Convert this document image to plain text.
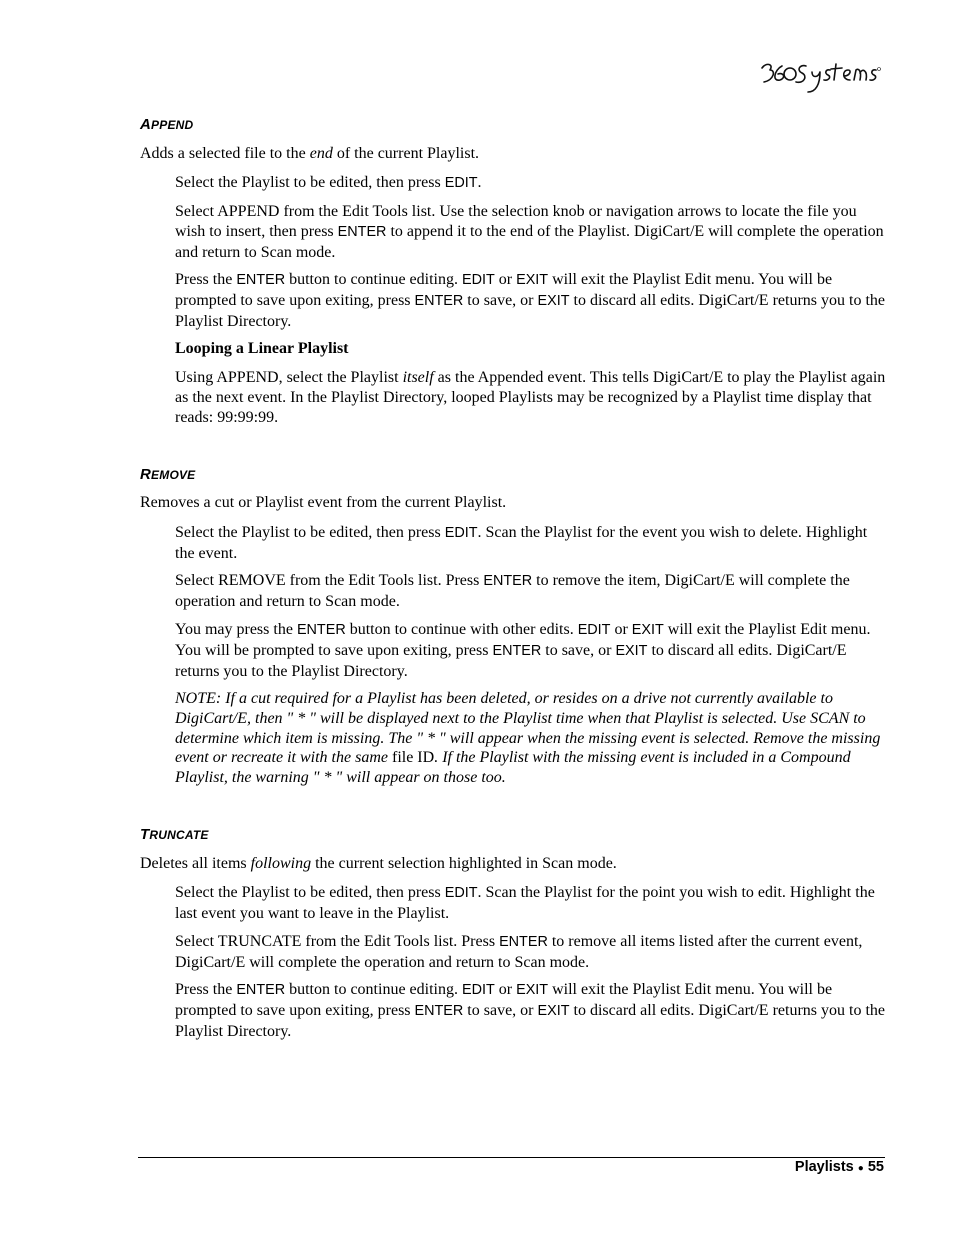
APPEND
Adds a selected file to the end of the current Playlist.
Select the Playlist to be edited, then press EDIT.
Select APPEND from the Edit Tools list. Use the selection knob or navigation arrows to locate the file you wish to insert, then press ENTER to append it to the end of the Playlist. DigiCart/E will complete the operation and return to Scan mode.
Press the ENTER button to continue editing. EDIT or EXIT will exit the Playlist Edit menu. You will be prompted to save upon exiting, press ENTER to save, or EXIT to discard all edits. DigiCart/E returns you to the Playlist Directory.
Looping a Linear Playlist
Using APPEND, select the Playlist itself as the Appended event. This tells DigiCart/E to play the Playlist again as the next event. In the Playlist Directory, looped Playlists may be recognized by a Playlist time display that reads: 99:99:99.
REMOVE
Removes a cut or Playlist event from the current Playlist.
Select the Playlist to be edited, then press EDIT. Scan the Playlist for the event you wish to delete. Highlight the event.
Select REMOVE from the Edit Tools list. Press ENTER to remove the item, DigiCart/E will complete the operation and return to Scan mode.
You may press the ENTER button to continue with other edits. EDIT or EXIT will exit the Playlist Edit menu. You will be prompted to save upon exiting, press ENTER to save, or EXIT to discard all edits. DigiCart/E returns you to the Playlist Directory.
NOTE: If a cut required for a Playlist has been deleted, or resides on a drive not currently available to DigiCart/E, then " * " will be displayed next to the Playlist time when that Playlist is selected. Use SCAN to determine which item is missing. The " * " will appear when the missing event is selected. Remove the missing event or recreate it with the same file ID. If the Playlist with the missing event is included in a Compound Playlist, the warning " * " will appear on those too.
TRUNCATE
Deletes all items following the current selection highlighted in Scan mode.
Select the Playlist to be edited, then press EDIT. Scan the Playlist for the point you wish to edit. Highlight the last event you want to leave in the Playlist.
Select TRUNCATE from the Edit Tools list. Press ENTER to remove all items listed after the current event, DigiCart/E will complete the operation and return to Scan mode.
Press the ENTER button to continue editing. EDIT or EXIT will exit the Playlist Edit menu. You will be prompted to save upon exiting, press ENTER to save, or EXIT to discard all edits. DigiCart/E returns you to the Playlist Directory.
Playlists ● 55
